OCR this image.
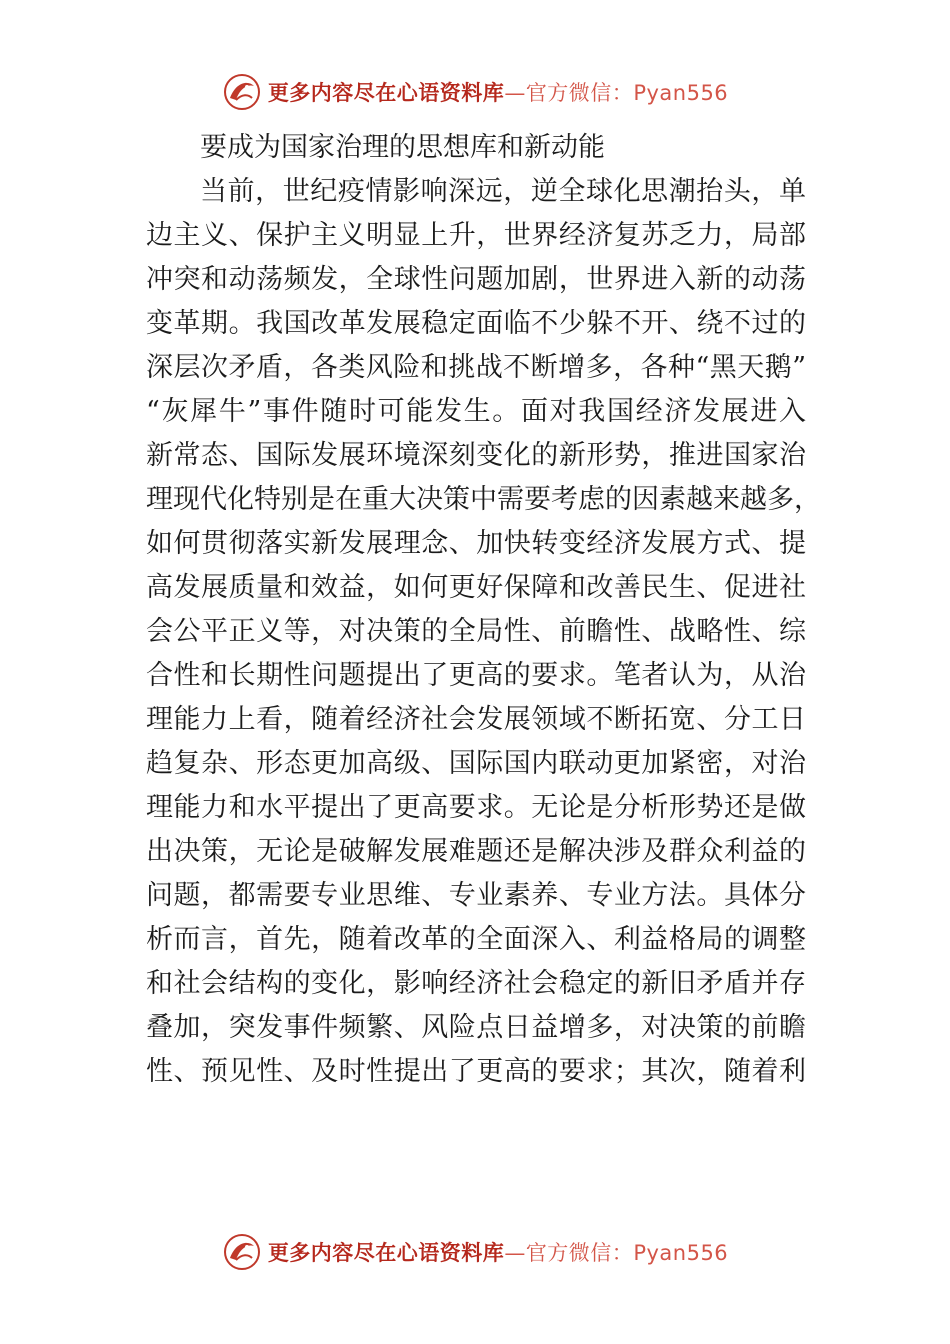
更多内容尽在心语资料库—官方微信：Pyan556
要成为国家治理的思想库和新动能
当前，世纪疫情影响深远，逆全球化思潮抬头，单
边主义、保护主义明显上升，世界经济复苏乏力，局部
冲突和动荡频发，全球性问题加剧，世界进入新的动荡
变革期。我国改革发展稳定面临不少躲不开、绕不过的
深层次矛盾，各类风险和挑战不断增多，各种“黑天鹅”
“灰犀牛”事件随时可能发生。面对我国经济发展进入
新常态、国际发展环境深刻变化的新形势，推进国家治
理现代化特别是在重大决策中需要考虑的因素越来越多，
如何贯彻落实新发展理念、加快转变经济发展方式、提
高发展质量和效益，如何更好保障和改善民生、促进社
会公平正义等，对决策的全局性、前瞻性、战略性、综
合性和长期性问题提出了更高的要求。笔者认为，从治
理能力上看，随着经济社会发展领域不断拓宽、分工日
趋复杂、形态更加高级、国际国内联动更加紧密，对治
理能力和水平提出了更高要求。无论是分析形势还是做
出决策，无论是破解发展难题还是解决涉及群众利益的
问题，都需要专业思维、专业素养、专业方法。具体分
析而言，首先，随着改革的全面深入、利益格局的调整
和社会结构的变化，影响经济社会稳定的新旧矛盾并存
叠加，突发事件频繁、风险点日益增多，对决策的前瞻
性、预见性、及时性提出了更高的要求；其次，随着利
更多内容尽在心语资料库—官方微信：Pyan556
